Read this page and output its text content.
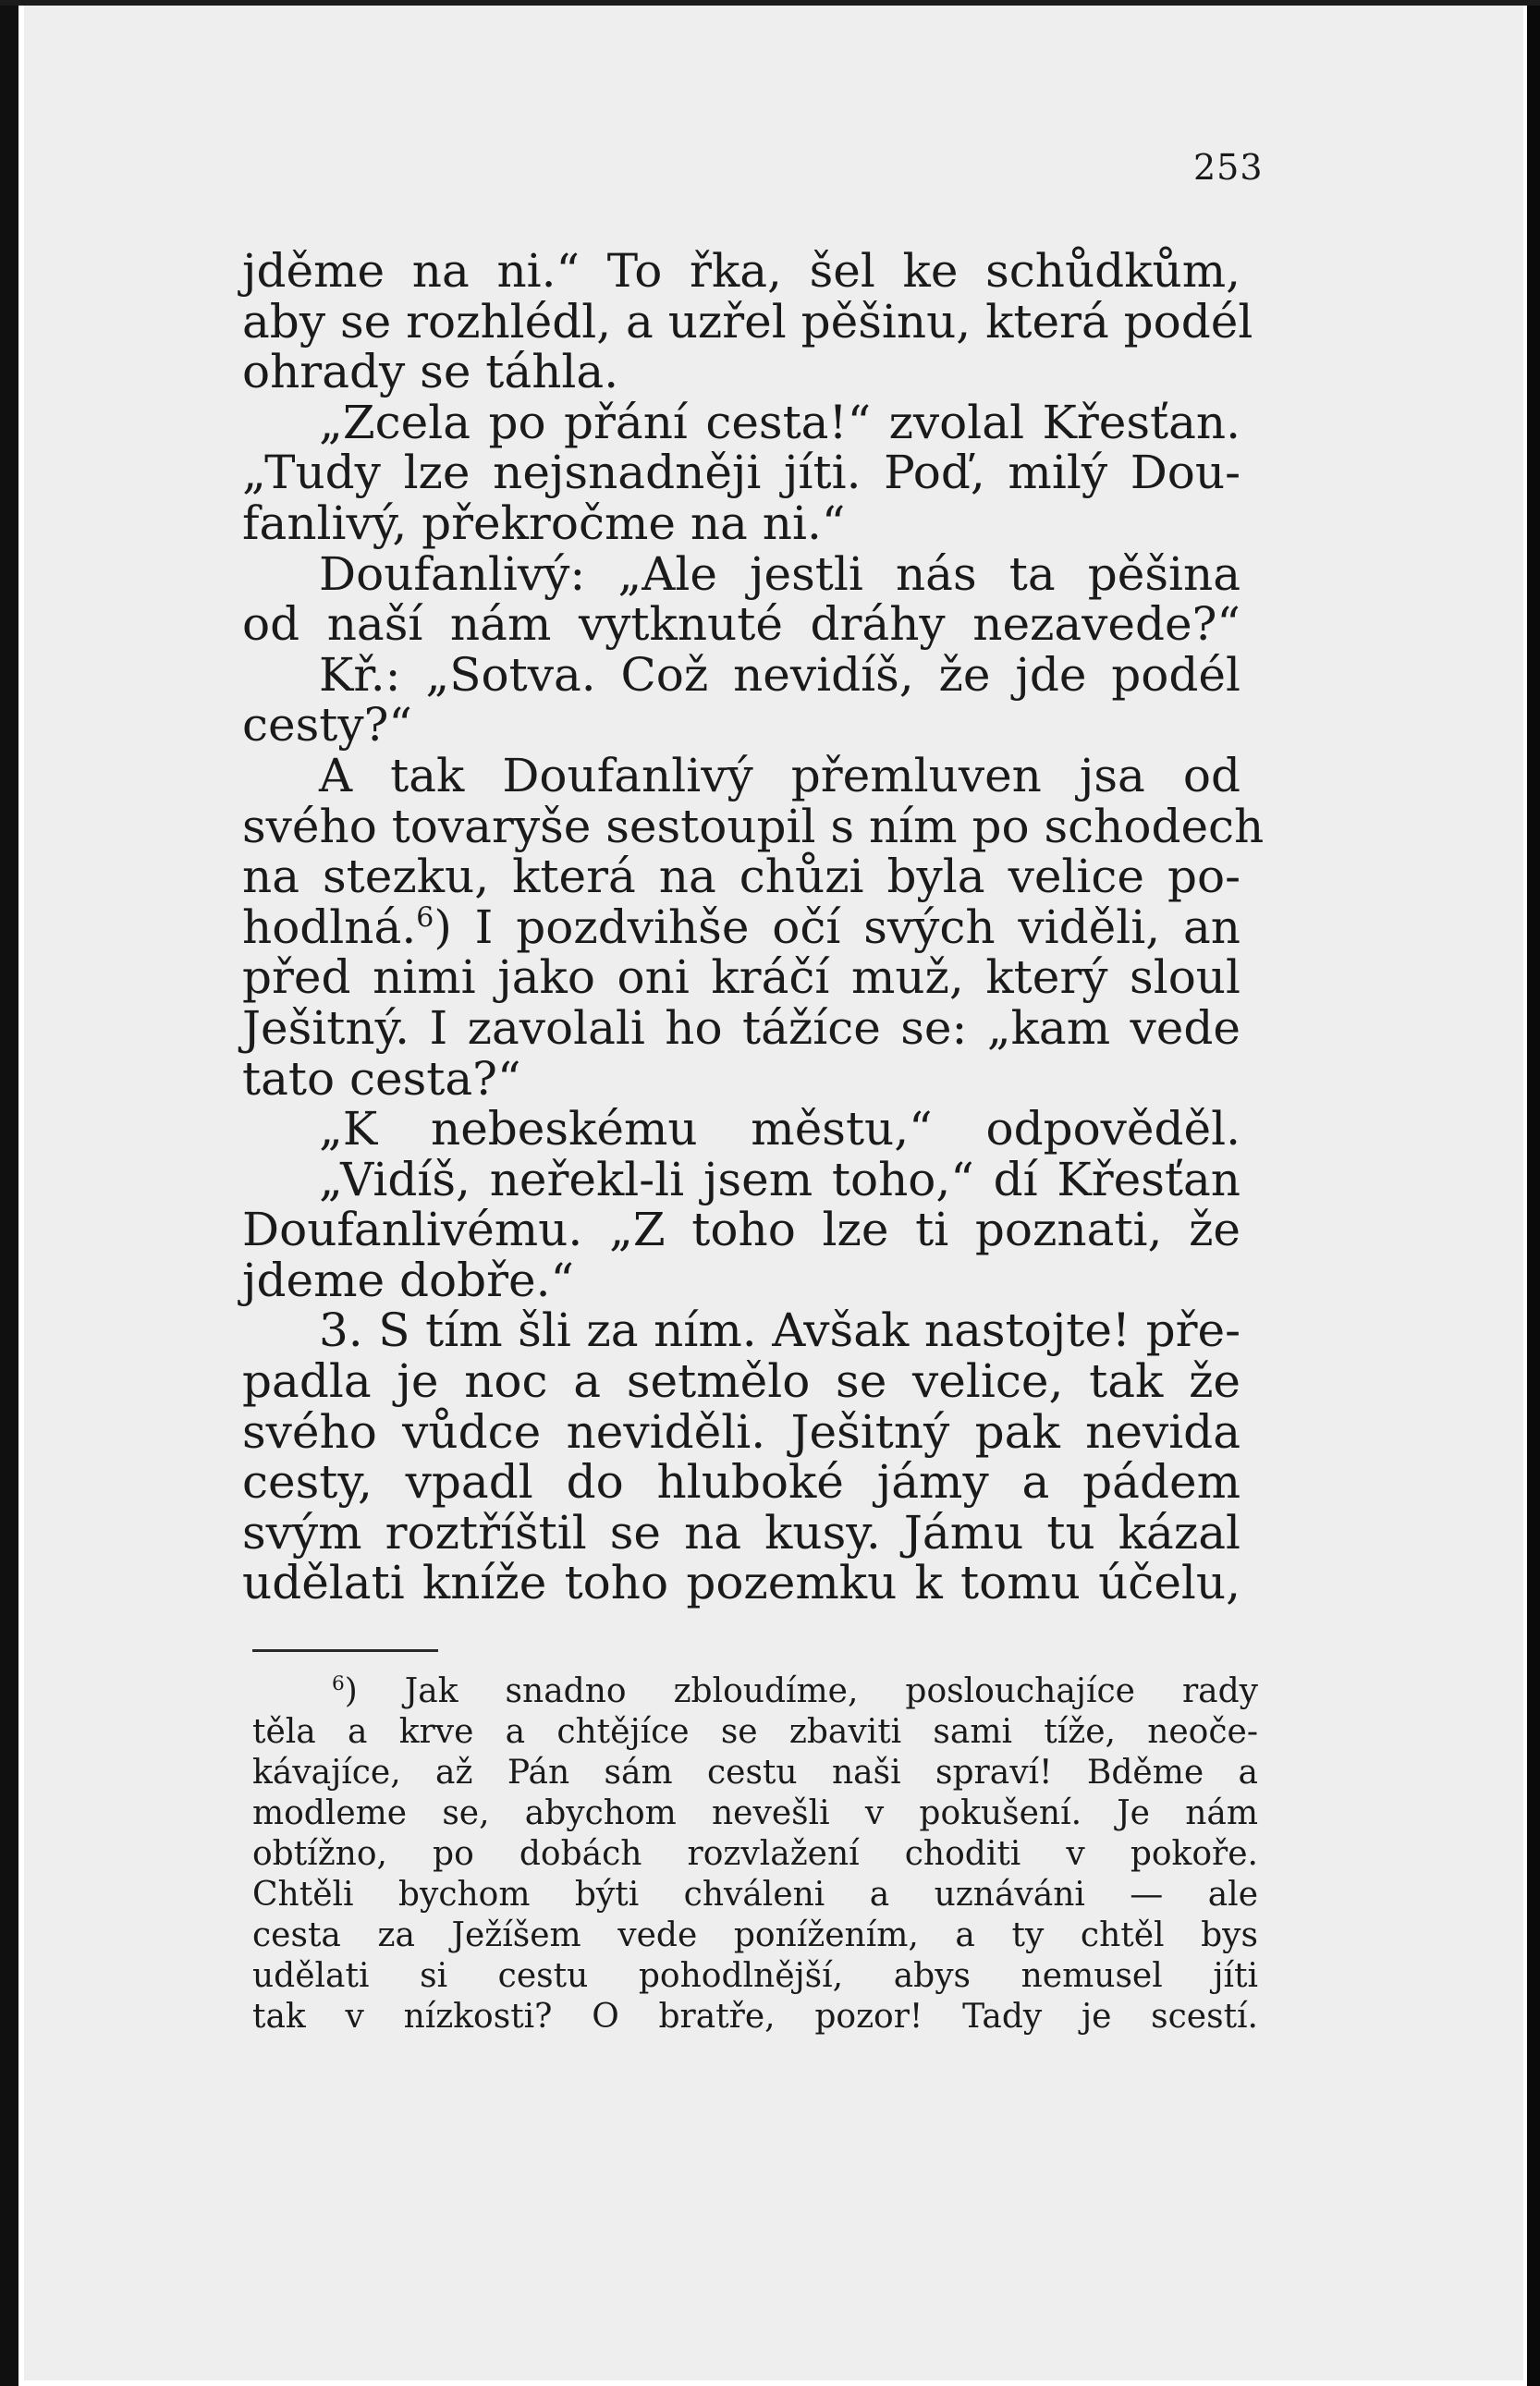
253
jděme na ni.“ To řka, šel ke schůdkům,
aby se rozhlédl, a uzřel pěšinu, která podél
ohrady se táhla.
„Zcela po přání cesta!“ zvolal Křesťan.
„Tudy lze nejsnadněji jíti. Poď, milý Dou-
fanlivý, překročme na ni.“
Doufanlivý: „Ale jestli nás ta pěšina
od naší nám vytknuté dráhy nezavede?“
Kř.: „Sotva. Což nevidíš, že jde podél
cesty?“
A tak Doufanlivý přemluven jsa od
svého tovaryše sestoupil s ním po schodech
na stezku, která na chůzi byla velice po-
hodlná.$^6$) I pozdvihše očí svých viděli, an
před nimi jako oni kráčí muž, který sloul
Ješitný. I zavolali ho tážíce se: „kam vede
tato cesta?“
„K nebeskému městu,“ odpověděl.
„Vidíš, neřekl-li jsem toho,“ dí Křesťan
Doufanlivému. „Z toho lze ti poznati, že
jdeme dobře.“
3. S tím šli za ním. Avšak nastojte! pře-
padla je noc a setmělo se velice, tak že
svého vůdce neviděli. Ješitný pak nevida
cesty, vpadl do hluboké jámy a pádem
svým roztříštil se na kusy. Jámu tu kázal
udělati kníže toho pozemku k tomu účelu,
$^6$) Jak snadno zbloudíme, poslouchajíce rady
těla a krve a chtějíce se zbaviti sami tíže, neoče-
kávajíce, až Pán sám cestu naši spraví! Bděme a
modleme se, abychom nevešli v pokušení. Je nám
obtížno, po dobách rozvlažení choditi v pokoře.
Chtěli bychom býti chváleni a uznáváni — ale
cesta za Ježíšem vede ponížením, a ty chtěl bys
udělati si cestu pohodlnější, abys nemusel jíti
tak v nízkosti? O bratře, pozor! Tady je scestí.
